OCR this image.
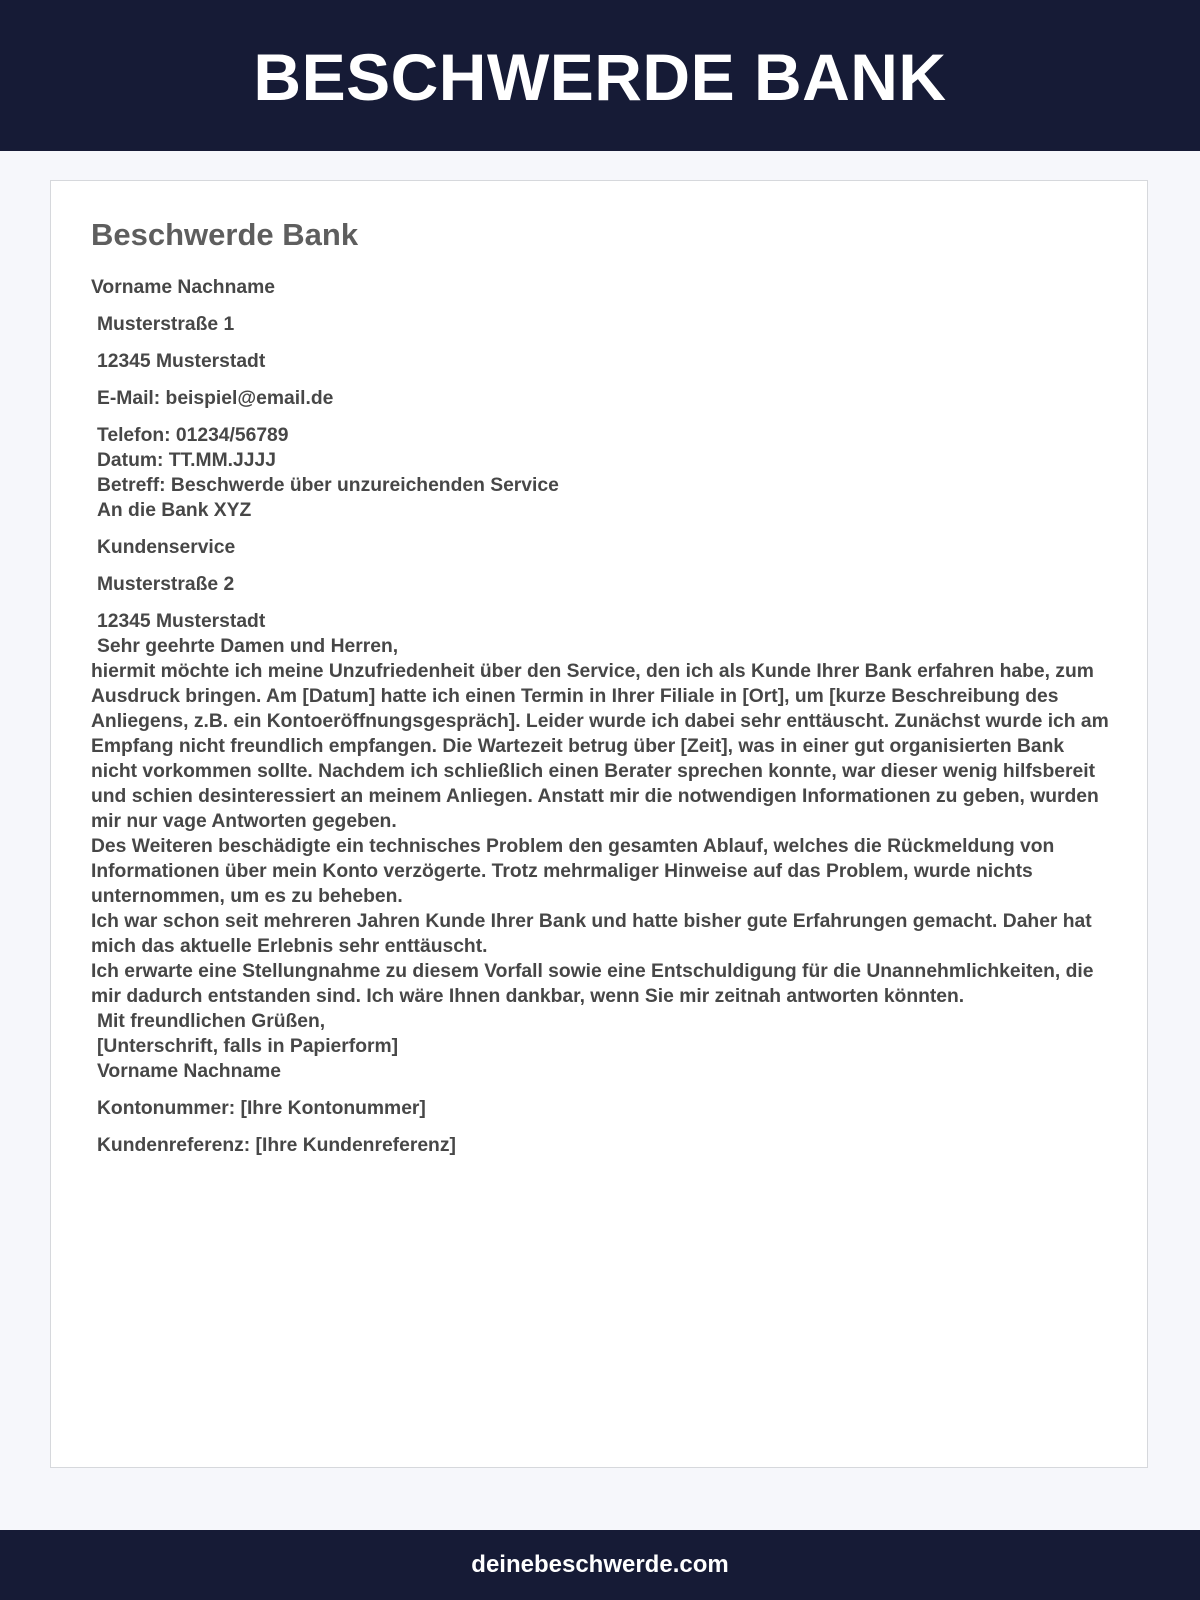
BESCHWERDE BANK
Beschwerde Bank
Vorname Nachname
Musterstraße 1
12345 Musterstadt
E-Mail: beispiel@email.de
Telefon: 01234/56789
Datum: TT.MM.JJJJ
Betreff: Beschwerde über unzureichenden Service
An die Bank XYZ
Kundenservice
Musterstraße 2
12345 Musterstadt
Sehr geehrte Damen und Herren,
hiermit möchte ich meine Unzufriedenheit über den Service, den ich als Kunde Ihrer Bank erfahren habe, zum Ausdruck bringen. Am [Datum] hatte ich einen Termin in Ihrer Filiale in [Ort], um [kurze Beschreibung des Anliegens, z.B. ein Kontoeröffnungsgespräch]. Leider wurde ich dabei sehr enttäuscht. Zunächst wurde ich am Empfang nicht freundlich empfangen. Die Wartezeit betrug über [Zeit], was in einer gut organisierten Bank nicht vorkommen sollte. Nachdem ich schließlich einen Berater sprechen konnte, war dieser wenig hilfsbereit und schien desinteressiert an meinem Anliegen. Anstatt mir die notwendigen Informationen zu geben, wurden mir nur vage Antworten gegeben.
Des Weiteren beschädigte ein technisches Problem den gesamten Ablauf, welches die Rückmeldung von Informationen über mein Konto verzögerte. Trotz mehrmaliger Hinweise auf das Problem, wurde nichts unternommen, um es zu beheben.
Ich war schon seit mehreren Jahren Kunde Ihrer Bank und hatte bisher gute Erfahrungen gemacht. Daher hat mich das aktuelle Erlebnis sehr enttäuscht.
Ich erwarte eine Stellungnahme zu diesem Vorfall sowie eine Entschuldigung für die Unannehmlichkeiten, die mir dadurch entstanden sind. Ich wäre Ihnen dankbar, wenn Sie mir zeitnah antworten könnten.
Mit freundlichen Grüßen,
[Unterschrift, falls in Papierform]
Vorname Nachname
Kontonummer: [Ihre Kontonummer]
Kundenreferenz: [Ihre Kundenreferenz]
deinebeschwerde.com
